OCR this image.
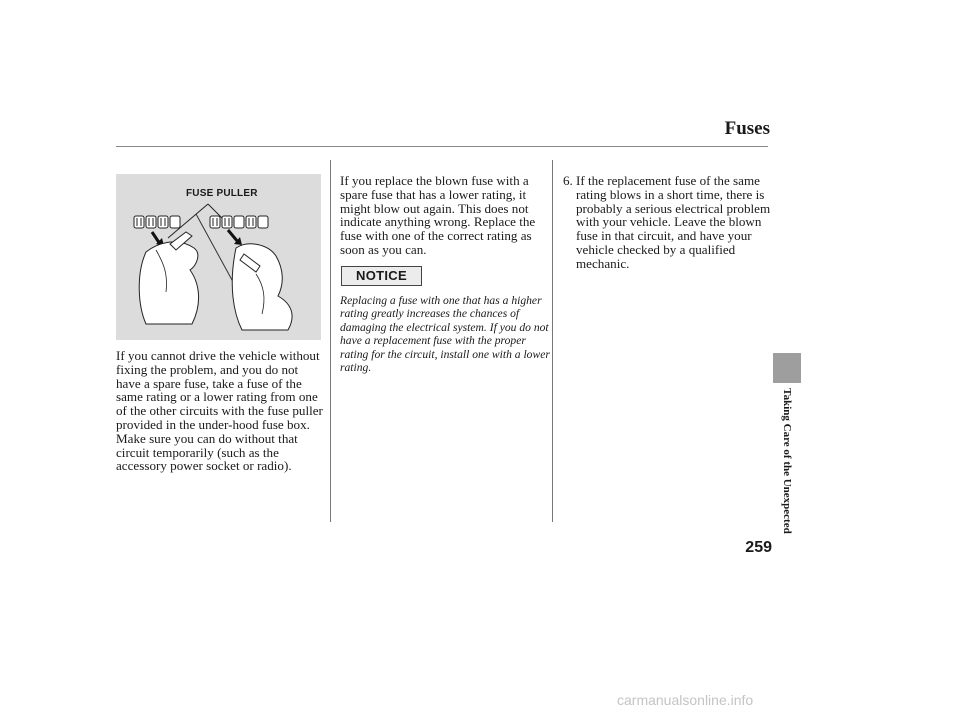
Fuses
FUSE PULLER
If you cannot drive the vehicle without fixing the problem, and you do not have a spare fuse, take a fuse of the same rating or a lower rating from one of the other circuits with the fuse puller provided in the under-hood fuse box. Make sure you can do without that circuit temporarily (such as the accessory power socket or radio).
If you replace the blown fuse with a spare fuse that has a lower rating, it might blow out again. This does not indicate anything wrong. Replace the fuse with one of the correct rating as soon as you can.
NOTICE
Replacing a fuse with one that has a higher rating greatly increases the chances of damaging the electrical system. If you do not have a replacement fuse with the proper rating for the circuit, install one with a lower rating.
6. If the replacement fuse of the same rating blows in a short time, there is probably a serious electrical problem with your vehicle. Leave the blown fuse in that circuit, and have your vehicle checked by a qualified mechanic.
Taking Care of the Unexpected
259
carmanualsonline.info
